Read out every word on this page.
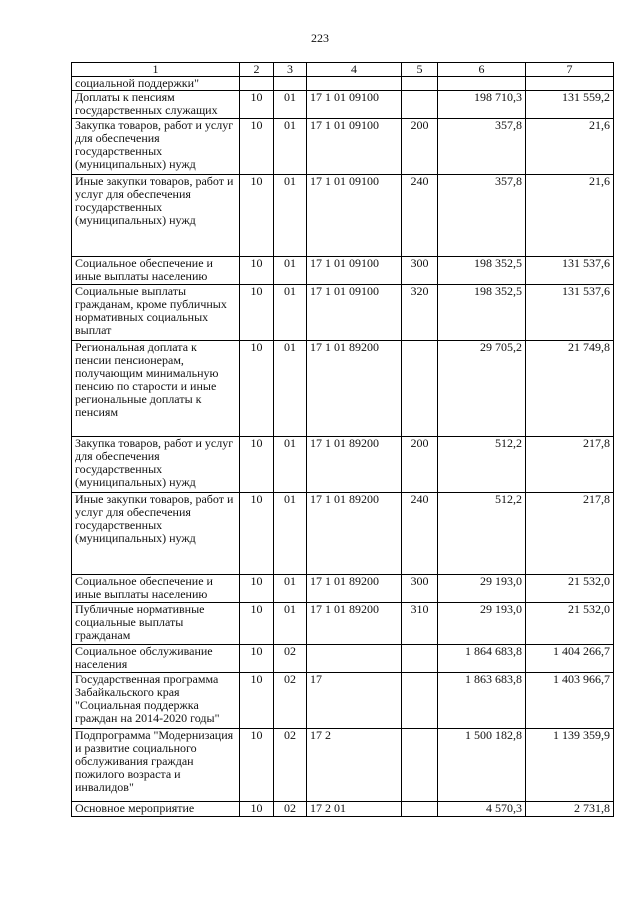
223
1	2	3	4	5	6	7
социальной поддержки"						
Доплаты к пенсиям государственных служащих	10	01	17 1 01 09100		198 710,3	131 559,2
Закупка товаров, работ и услуг для обеспечения государственных (муниципальных) нужд	10	01	17 1 01 09100	200	357,8	21,6
Иные закупки товаров, работ и услуг для обеспечения государственных (муниципальных) нужд	10	01	17 1 01 09100	240	357,8	21,6
Социальное обеспечение и иные выплаты населению	10	01	17 1 01 09100	300	198 352,5	131 537,6
Социальные выплаты гражданам, кроме публичных нормативных социальных выплат	10	01	17 1 01 09100	320	198 352,5	131 537,6
Региональная доплата к пенсии пенсионерам, получающим минимальную пенсию по старости и иные региональные доплаты к пенсиям	10	01	17 1 01 89200		29 705,2	21 749,8
Закупка товаров, работ и услуг для обеспечения государственных (муниципальных) нужд	10	01	17 1 01 89200	200	512,2	217,8
Иные закупки товаров, работ и услуг для обеспечения государственных (муниципальных) нужд	10	01	17 1 01 89200	240	512,2	217,8
Социальное обеспечение и иные выплаты населению	10	01	17 1 01 89200	300	29 193,0	21 532,0
Публичные нормативные социальные выплаты гражданам	10	01	17 1 01 89200	310	29 193,0	21 532,0
Социальное обслуживание населения	10	02			1 864 683,8	1 404 266,7
Государственная программа Забайкальского края "Социальная поддержка граждан на 2014-2020 годы"	10	02	17		1 863 683,8	1 403 966,7
Подпрограмма "Модернизация и развитие социального обслуживания граждан пожилого возраста и инвалидов"	10	02	17 2		1 500 182,8	1 139 359,9
Основное мероприятие	10	02	17 2 01		4 570,3	2 731,8
